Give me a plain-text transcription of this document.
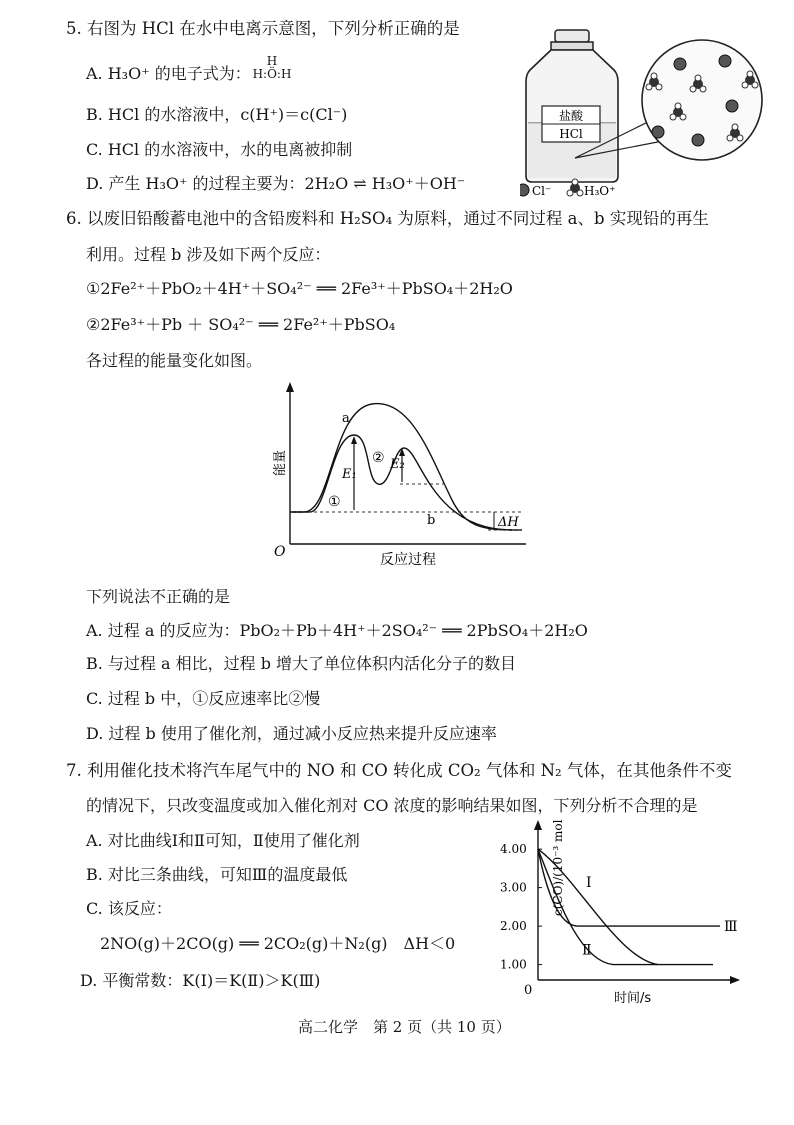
5. 右图为 HCl 在水中电离示意图，下列分析正确的是
A. H₃O⁺ 的电子式为：
H
H:Ö:H
B. HCl 的水溶液中，c(H⁺)＝c(Cl⁻)
C. HCl 的水溶液中，水的电离被抑制
D. 产生 H₃O⁺ 的过程主要为：2H₂O ⇌ H₃O⁺＋OH⁻
盐酸
HCl
Cl⁻	H₃O⁺
6. 以废旧铅酸蓄电池中的含铅废料和 H₂SO₄ 为原料，通过不同过程 a、b 实现铅的再生
利用。过程 b 涉及如下两个反应：
①2Fe²⁺＋PbO₂＋4H⁺＋SO₄²⁻ ══ 2Fe³⁺＋PbSO₄＋2H₂O
②2Fe³⁺＋Pb ＋ SO₄²⁻ ══ 2Fe²⁺＋PbSO₄
各过程的能量变化如图。
能量
O	反应过程
a
b
E₁
E₂
①
②
ΔH
下列说法不正确的是
A. 过程 a 的反应为：PbO₂＋Pb＋4H⁺＋2SO₄²⁻ ══ 2PbSO₄＋2H₂O
B. 与过程 a 相比，过程 b 增大了单位体积内活化分子的数目
C. 过程 b 中，①反应速率比②慢
D. 过程 b 使用了催化剂，通过减小反应热来提升反应速率
7. 利用催化技术将汽车尾气中的 NO 和 CO 转化成 CO₂ 气体和 N₂ 气体，在其他条件不变
的情况下，只改变温度或加入催化剂对 CO 浓度的影响结果如图，下列分析不合理的是
A. 对比曲线Ⅰ和Ⅱ可知，Ⅱ使用了催化剂
B. 对比三条曲线，可知Ⅲ的温度最低
C. 该反应：
2NO(g)＋2CO(g) ══ 2CO₂(g)＋N₂(g)　ΔH＜0
D. 平衡常数：K(Ⅰ)＝K(Ⅱ)＞K(Ⅲ)
c(CO)/(10⁻³ mol · L⁻¹)
0
时间/s
4.00
3.00
2.00
1.00
Ⅰ
Ⅱ
Ⅲ
高二化学　第 2 页（共 10 页）
